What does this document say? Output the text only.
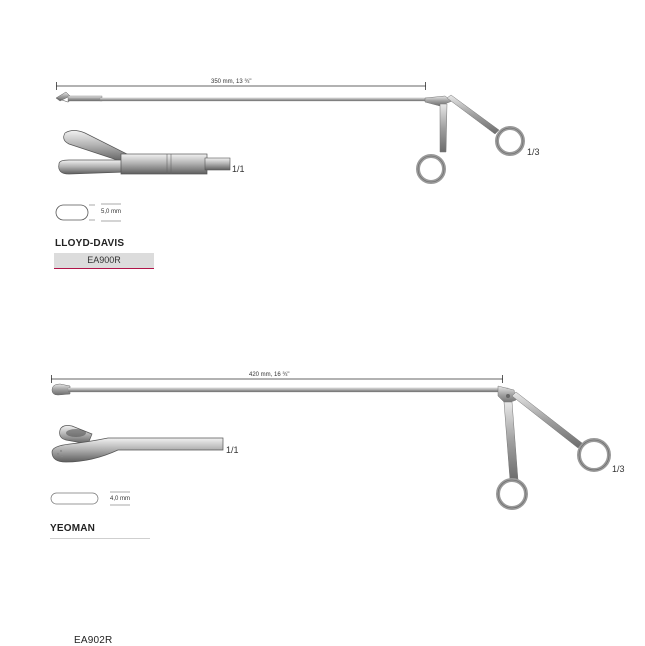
350 mm, 13 ¾"
1/3
1/1
5,0 mm
LLOYD-DAVIS
EA900R
420 mm, 16 ¾"
1/3
1/1
4,0 mm
YEOMAN
EA902R
